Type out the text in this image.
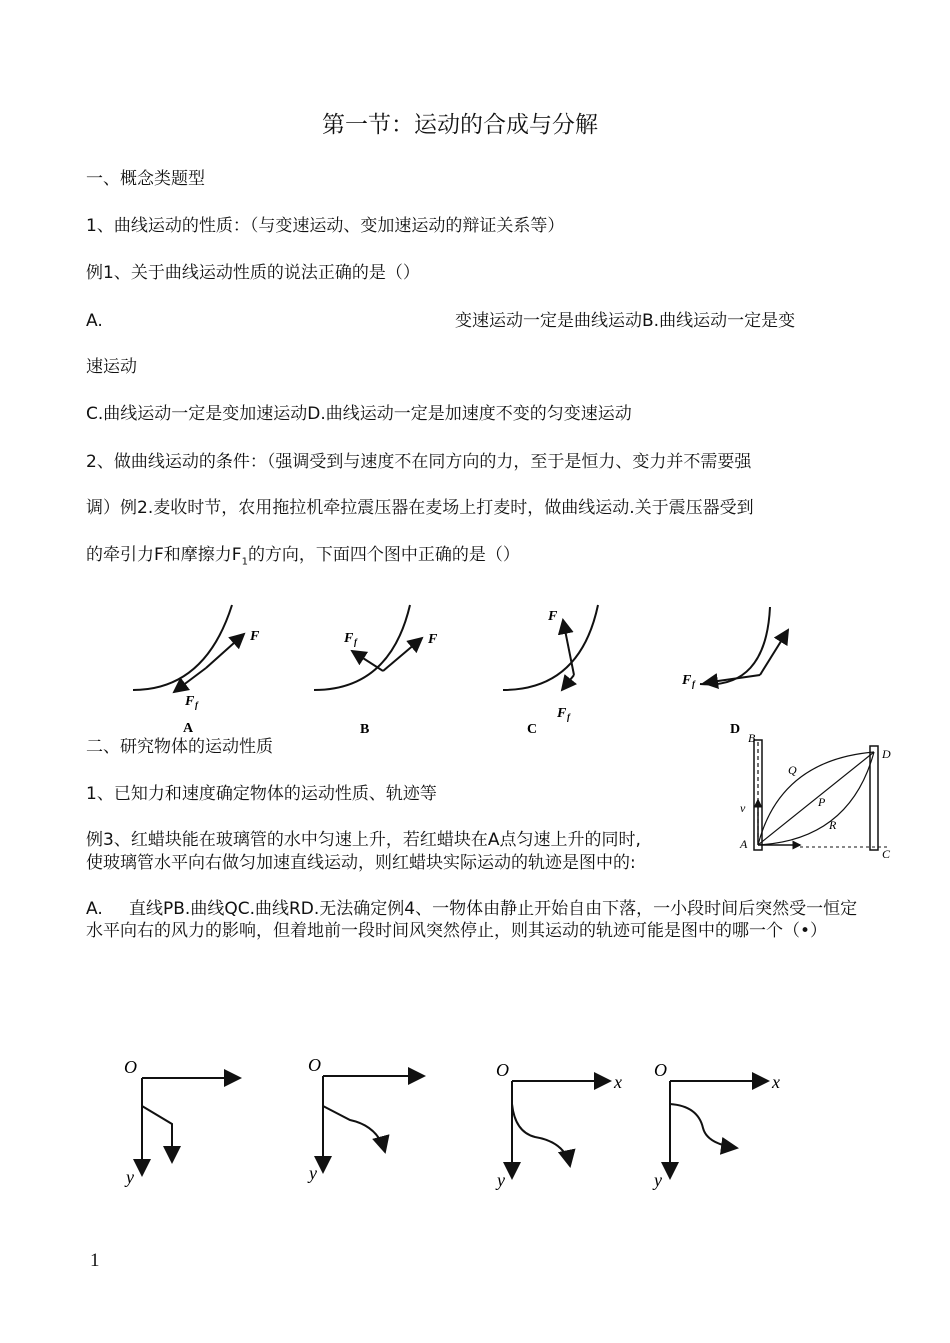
第一节：运动的合成与分解
一、概念类题型
1、曲线运动的性质：（与变速运动、变加速运动的辩证关系等）
例1、关于曲线运动性质的说法正确的是（）
A.	变速运动一定是曲线运动B.曲线运动一定是变
速运动
C.曲线运动一定是变加速运动D.曲线运动一定是加速度不变的匀变速运动
2、做曲线运动的条件：（强调受到与速度不在同方向的力，至于是恒力、变力并不需要强
调）例2.麦收时节，农用拖拉机牵拉震压器在麦场上打麦时，做曲线运动.关于震压器受到
的牵引力F和摩擦力$F_1$的方向，下面四个图中正确的是（）
F
F f
A
F
F f
B
F
F f
C
F f
D
二、研究物体的运动性质
1、已知力和速度确定物体的运动性质、轨迹等
例3、红蜡块能在玻璃管的水中匀速上升，若红蜡块在A点匀速上升的同时,
使玻璃管水平向右做匀加速直线运动，则红蜡块实际运动的轨迹是图中的:
B
Q
D
P
v
R
A
C
A.	直线PB.曲线QC.曲线RD.无法确定例4、一物体由静止开始自由下落，一小段时间后突然受一恒定水平向右的风力的影响，但着地前一段时间风突然停止，则其运动的轨迹可能是图中的哪一个（•）
O
y
O
y
O
x
y
O
x
y
1
